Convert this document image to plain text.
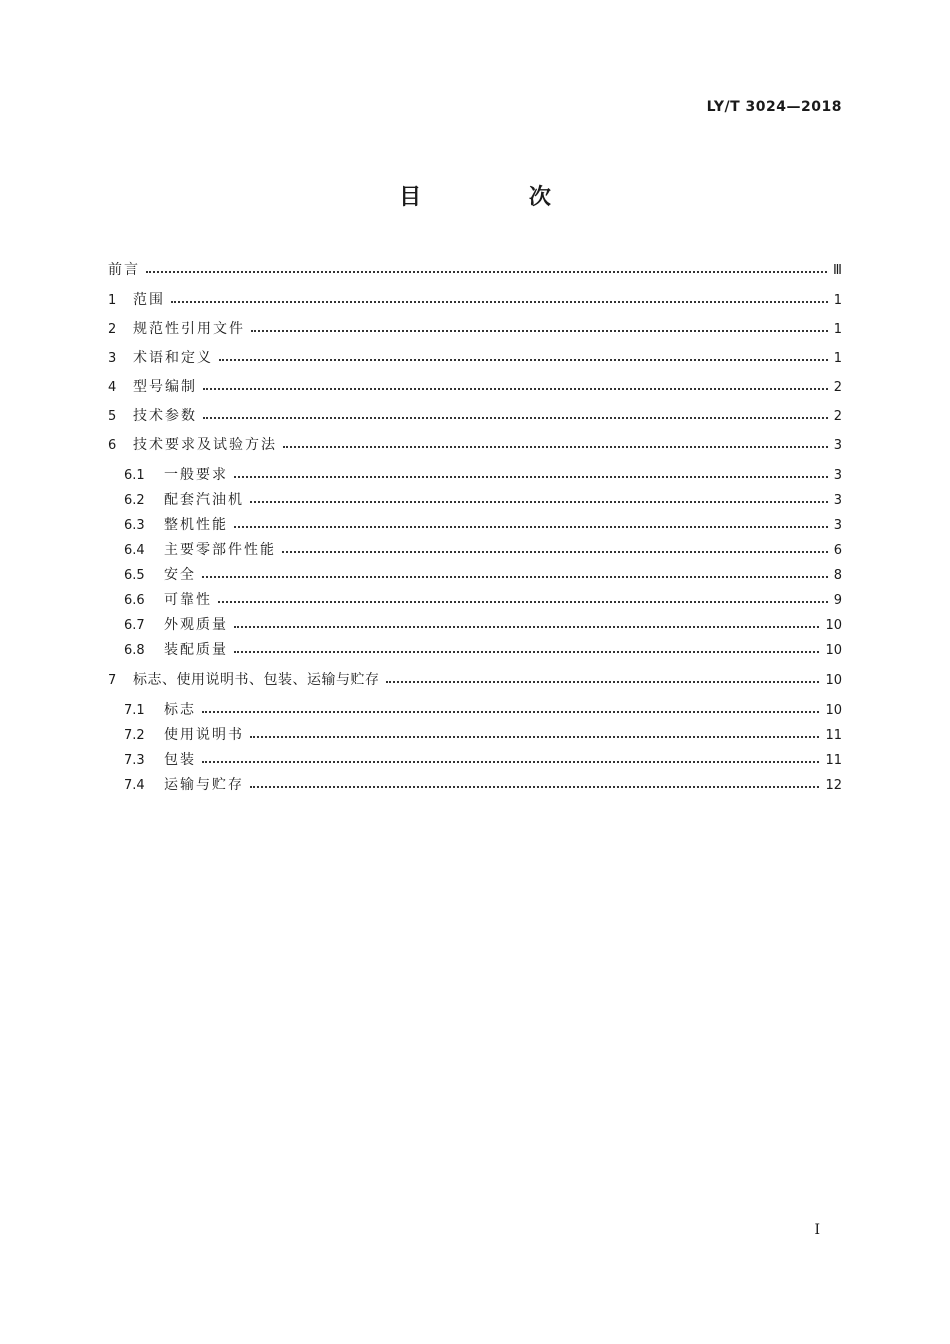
LY/T 3024—2018
目 次
前言	Ⅲ
1	范围	1
2	规范性引用文件	1
3	术语和定义	1
4	型号编制	2
5	技术参数	2
6	技术要求及试验方法	3
6.1	一般要求	3
6.2	配套汽油机	3
6.3	整机性能	3
6.4	主要零部件性能	6
6.5	安全	8
6.6	可靠性	9
6.7	外观质量	10
6.8	装配质量	10
7	标志、使用说明书、包装、运输与贮存	10
7.1	标志	10
7.2	使用说明书	11
7.3	包装	11
7.4	运输与贮存	12
I
